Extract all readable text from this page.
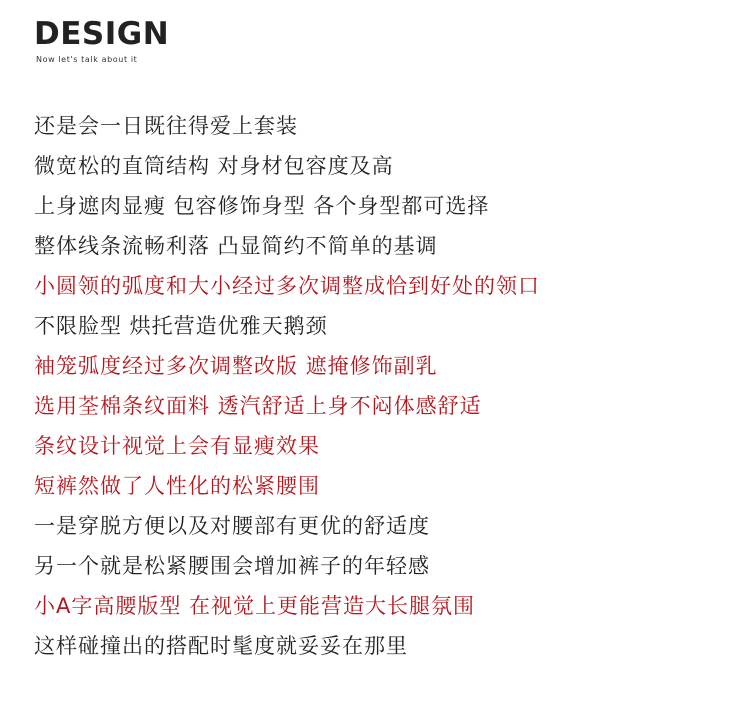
DESIGN
Now let's talk about it
还是会一日既往得爱上套装
微宽松的直筒结构 对身材包容度及高
上身遮肉显瘦 包容修饰身型 各个身型都可选择
整体线条流畅利落 凸显简约不简单的基调
小圆领的弧度和大小经过多次调整成恰到好处的领口
不限脸型 烘托营造优雅天鹅颈
袖笼弧度经过多次调整改版 遮掩修饰副乳
选用荃棉条纹面料 透汽舒适上身不闷体感舒适
条纹设计视觉上会有显瘦效果
短裤然做了人性化的松紧腰围
一是穿脱方便以及对腰部有更优的舒适度
另一个就是松紧腰围会增加裤子的年轻感
小A字高腰版型 在视觉上更能营造大长腿氛围
这样碰撞出的搭配时髦度就妥妥在那里
